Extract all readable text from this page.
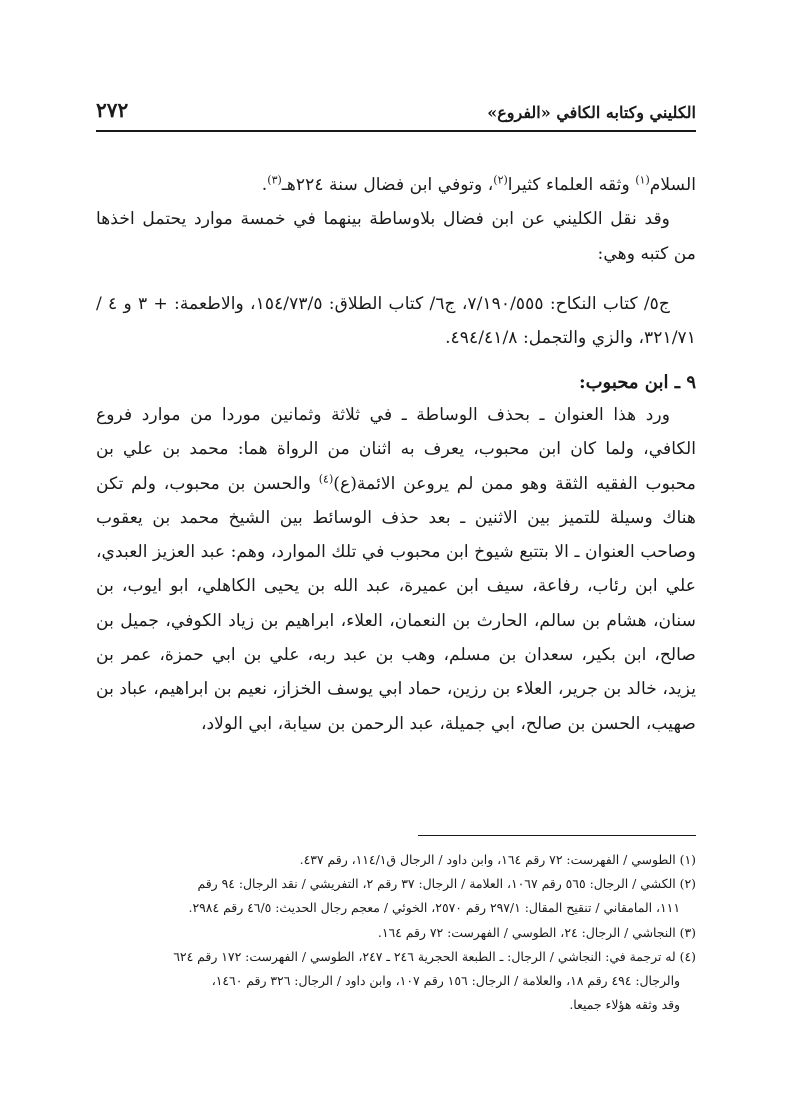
الكليني وكتابه الكافي «الفروع»
٢٧٢

السلام$^{(١)}$ وثقه العلماء كثيرا$^{(٢)}$، وتوفي ابن فضال سنة ٢٢٤هـ$^{(٣)}$.

وقد نقل الكليني عن ابن فضال بلاوساطة بينهما في خمسة موارد يحتمل اخذها من كتبه وهي:

ج٥/ كتاب النكاح: ٧/١٩٠/٥٥٥، ج٦/ كتاب الطلاق: ١٥٤/٧٣/٥، والاطعمة: + ٣ و ٤ /٣٢١/٧١، والزي والتجمل: ٤٩٤/٤١/٨.

٩ ـ ابن محبوب:

ورد هذا العنوان ـ بحذف الوساطة ـ في ثلاثة وثمانين موردا من موارد فروع الكافي، ولما كان ابن محبوب، يعرف به اثنان من الرواة هما: محمد بن علي بن محبوب الفقيه الثقة وهو ممن لم يروعن الائمة(ع)$^{(٤)}$ والحسن بن محبوب، ولم تكن هناك وسيلة للتميز بين الاثنين ـ بعد حذف الوسائط بين الشيخ محمد بن يعقوب وصاحب العنوان ـ الا بتتبع شيوخ ابن محبوب في تلك الموارد، وهم: عبد العزيز العبدي، علي ابن رئاب، رفاعة، سيف ابن عميرة، عبد الله بن يحيى الكاهلي، ابو ايوب، بن سنان، هشام بن سالم، الحارث بن النعمان، العلاء، ابراهيم بن زياد الكوفي، جميل بن صالح، ابن بكير، سعدان بن مسلم، وهب بن عبد ربه، علي بن ابي حمزة، عمر بن يزيد، خالد بن جرير، العلاء بن رزين، حماد ابي يوسف الخزاز، نعيم بن ابراهيم، عباد بن صهيب، الحسن بن صالح، ابي جميلة، عبد الرحمن بن سيابة، ابي الولاد،

(١) الطوسي / الفهرست: ٧٢ رقم ١٦٤، وابن داود / الرجال ق١١٤/١، رقم ٤٣٧.

(٢) الكشي / الرجال: ٥٦٥ رقم ١٠٦٧، العلامة / الرجال: ٣٧ رقم ٢، التفريشي / نقد الرجال: ٩٤ رقم

١١١، المامقاني / تنقيح المقال: ٢٩٧/١ رقم ٢٥٧٠، الخوئي / معجم رجال الحديث: ٤٦/٥ رقم ٢٩٨٤.

(٣) النجاشي / الرجال: ٢٤، الطوسي / الفهرست: ٧٢ رقم ١٦٤.

(٤) له ترجمة في: النجاشي / الرجال: ـ الطبعة الحجرية ٢٤٦ ـ ٢٤٧، الطوسي / الفهرست: ١٧٢ رقم ٦٢٤

والرجال: ٤٩٤ رقم ١٨، والعلامة / الرجال: ١٥٦ رقم ١٠٧، وابن داود / الرجال: ٣٢٦ رقم ١٤٦٠،

وقد وثقه هؤلاء جميعا.
